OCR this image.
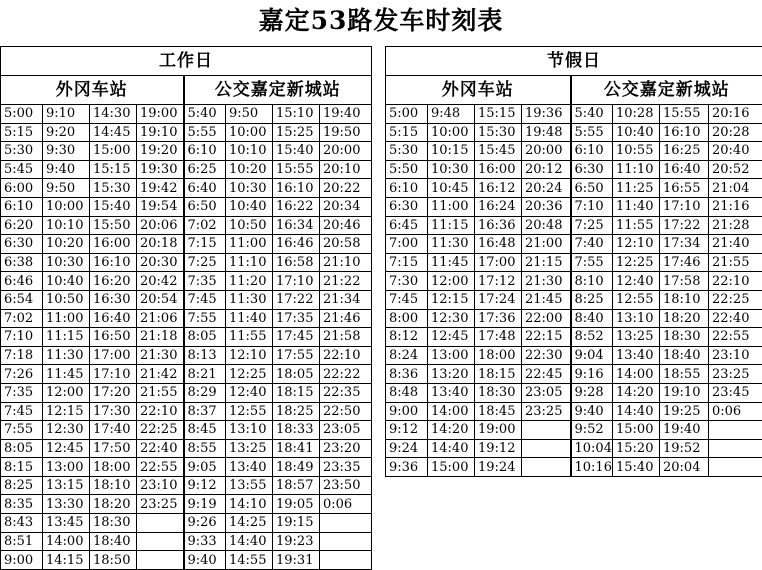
嘉定53路发车时刻表
工作日							
外冈车站				公交嘉定新城站			
5:00	9:10	14:30	19:00	5:40	9:50	15:10	19:40
5:15	9:20	14:45	19:10	5:55	10:00	15:25	19:50
5:30	9:30	15:00	19:20	6:10	10:10	15:40	20:00
5:45	9:40	15:15	19:30	6:25	10:20	15:55	20:10
6:00	9:50	15:30	19:42	6:40	10:30	16:10	20:22
6:10	10:00	15:40	19:54	6:50	10:40	16:22	20:34
6:20	10:10	15:50	20:06	7:02	10:50	16:34	20:46
6:30	10:20	16:00	20:18	7:15	11:00	16:46	20:58
6:38	10:30	16:10	20:30	7:25	11:10	16:58	21:10
6:46	10:40	16:20	20:42	7:35	11:20	17:10	21:22
6:54	10:50	16:30	20:54	7:45	11:30	17:22	21:34
7:02	11:00	16:40	21:06	7:55	11:40	17:35	21:46
7:10	11:15	16:50	21:18	8:05	11:55	17:45	21:58
7:18	11:30	17:00	21:30	8:13	12:10	17:55	22:10
7:26	11:45	17:10	21:42	8:21	12:25	18:05	22:22
7:35	12:00	17:20	21:55	8:29	12:40	18:15	22:35
7:45	12:15	17:30	22:10	8:37	12:55	18:25	22:50
7:55	12:30	17:40	22:25	8:45	13:10	18:33	23:05
8:05	12:45	17:50	22:40	8:55	13:25	18:41	23:20
8:15	13:00	18:00	22:55	9:05	13:40	18:49	23:35
8:25	13:15	18:10	23:10	9:12	13:55	18:57	23:50
8:35	13:30	18:20	23:25	9:19	14:10	19:05	0:06
8:43	13:45	18:30		9:26	14:25	19:15	
8:51	14:00	18:40		9:33	14:40	19:23	
9:00	14:15	18:50		9:40	14:55	19:31	
节假日							
外冈车站				公交嘉定新城站			
5:00	9:48	15:15	19:36	5:40	10:28	15:55	20:16
5:15	10:00	15:30	19:48	5:55	10:40	16:10	20:28
5:30	10:15	15:45	20:00	6:10	10:55	16:25	20:40
5:50	10:30	16:00	20:12	6:30	11:10	16:40	20:52
6:10	10:45	16:12	20:24	6:50	11:25	16:55	21:04
6:30	11:00	16:24	20:36	7:10	11:40	17:10	21:16
6:45	11:15	16:36	20:48	7:25	11:55	17:22	21:28
7:00	11:30	16:48	21:00	7:40	12:10	17:34	21:40
7:15	11:45	17:00	21:15	7:55	12:25	17:46	21:55
7:30	12:00	17:12	21:30	8:10	12:40	17:58	22:10
7:45	12:15	17:24	21:45	8:25	12:55	18:10	22:25
8:00	12:30	17:36	22:00	8:40	13:10	18:20	22:40
8:12	12:45	17:48	22:15	8:52	13:25	18:30	22:55
8:24	13:00	18:00	22:30	9:04	13:40	18:40	23:10
8:36	13:20	18:15	22:45	9:16	14:00	18:55	23:25
8:48	13:40	18:30	23:05	9:28	14:20	19:10	23:45
9:00	14:00	18:45	23:25	9:40	14:40	19:25	0:06
9:12	14:20	19:00		9:52	15:00	19:40	
9:24	14:40	19:12		10:04	15:20	19:52	
9:36	15:00	19:24		10:16	15:40	20:04	
